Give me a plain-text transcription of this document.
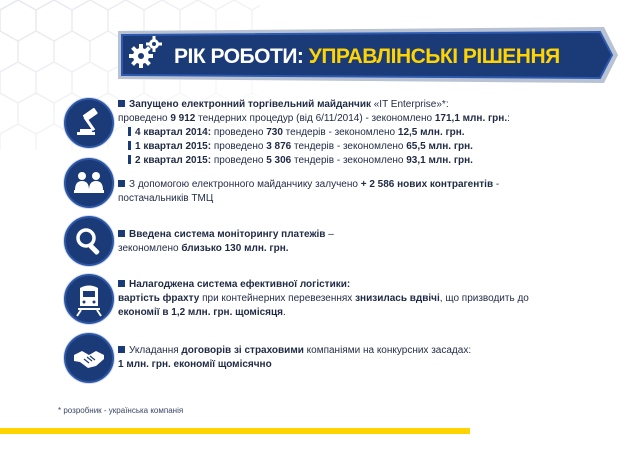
РІК РОБОТИ: УПРАВЛІНСЬКІ РІШЕННЯ
Запущено електронний торгівельний майданчик «IT Enterprise»*:
проведено 9 912 тендерних процедур (від 6/11/2014) - зекономлено 171,1 млн. грн.:
4 квартал 2014: проведено 730 тендерів - зекономлено 12,5 млн. грн.
1 квартал 2015: проведено 3 876 тендерів - зекономлено 65,5 млн. грн.
2 квартал 2015: проведено 5 306 тендерів - зекономлено 93,1 млн. грн.
З допомогою електронного майданчику залучено + 2 586 нових контрагентів -
постачальників ТМЦ
Введена система моніторингу платежів –
зекономлено близько 130 млн. грн.
Налагоджена система ефективної логістики:
вартість фрахту при контейнерних перевезеннях знизилась вдвічі, що призводить до
економії в 1,2 млн. грн. щомісяця.
Укладання договорів зі страховими компаніями на конкурсних засадах:
1 млн. грн. економії щомісячно
* розробник - українська компанія
